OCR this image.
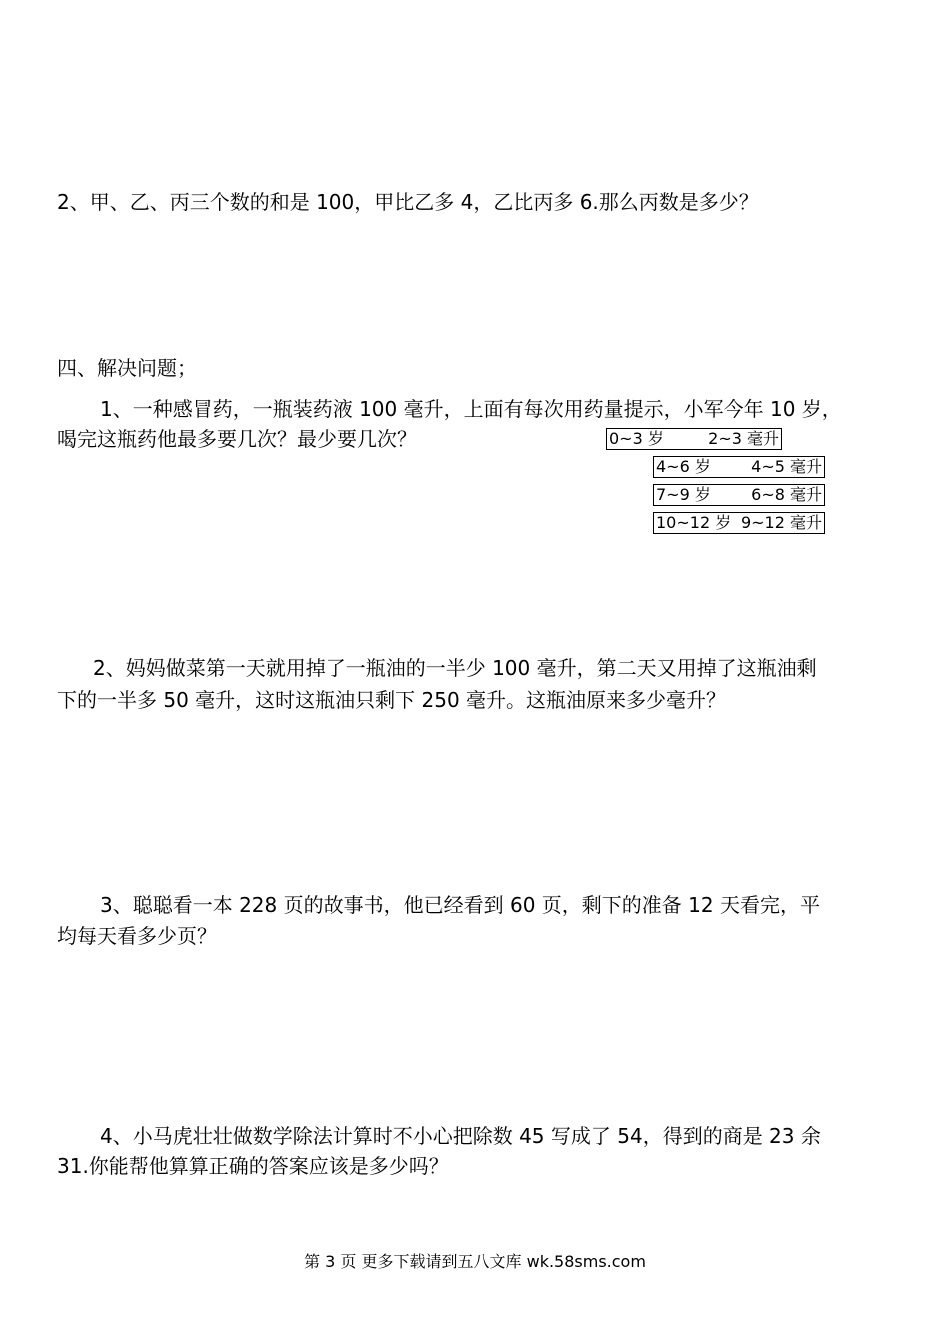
2、甲、乙、丙三个数的和是 100，甲比乙多 4，乙比丙多 6.那么丙数是多少？
四、解决问题；
1、一种感冒药，一瓶装药液 100 毫升，上面有每次用药量提示，小军今年 10 岁，
喝完这瓶药他最多要几次？最少要几次？	0~3 岁	2~3 毫升
4~6 岁	4~5 毫升
7~9 岁	6~8 毫升
10~12 岁 9~12 毫升
2、妈妈做菜第一天就用掉了一瓶油的一半少 100 毫升，第二天又用掉了这瓶油剩
下的一半多 50 毫升，这时这瓶油只剩下 250 毫升。这瓶油原来多少毫升？
3、聪聪看一本 228 页的故事书，他已经看到 60 页，剩下的准备 12 天看完，平
均每天看多少页？
4、小马虎壮壮做数学除法计算时不小心把除数 45 写成了 54，得到的商是 23 余
31.你能帮他算算正确的答案应该是多少吗？
第 3 页 更多下载请到五八文库 wk.58sms.com
